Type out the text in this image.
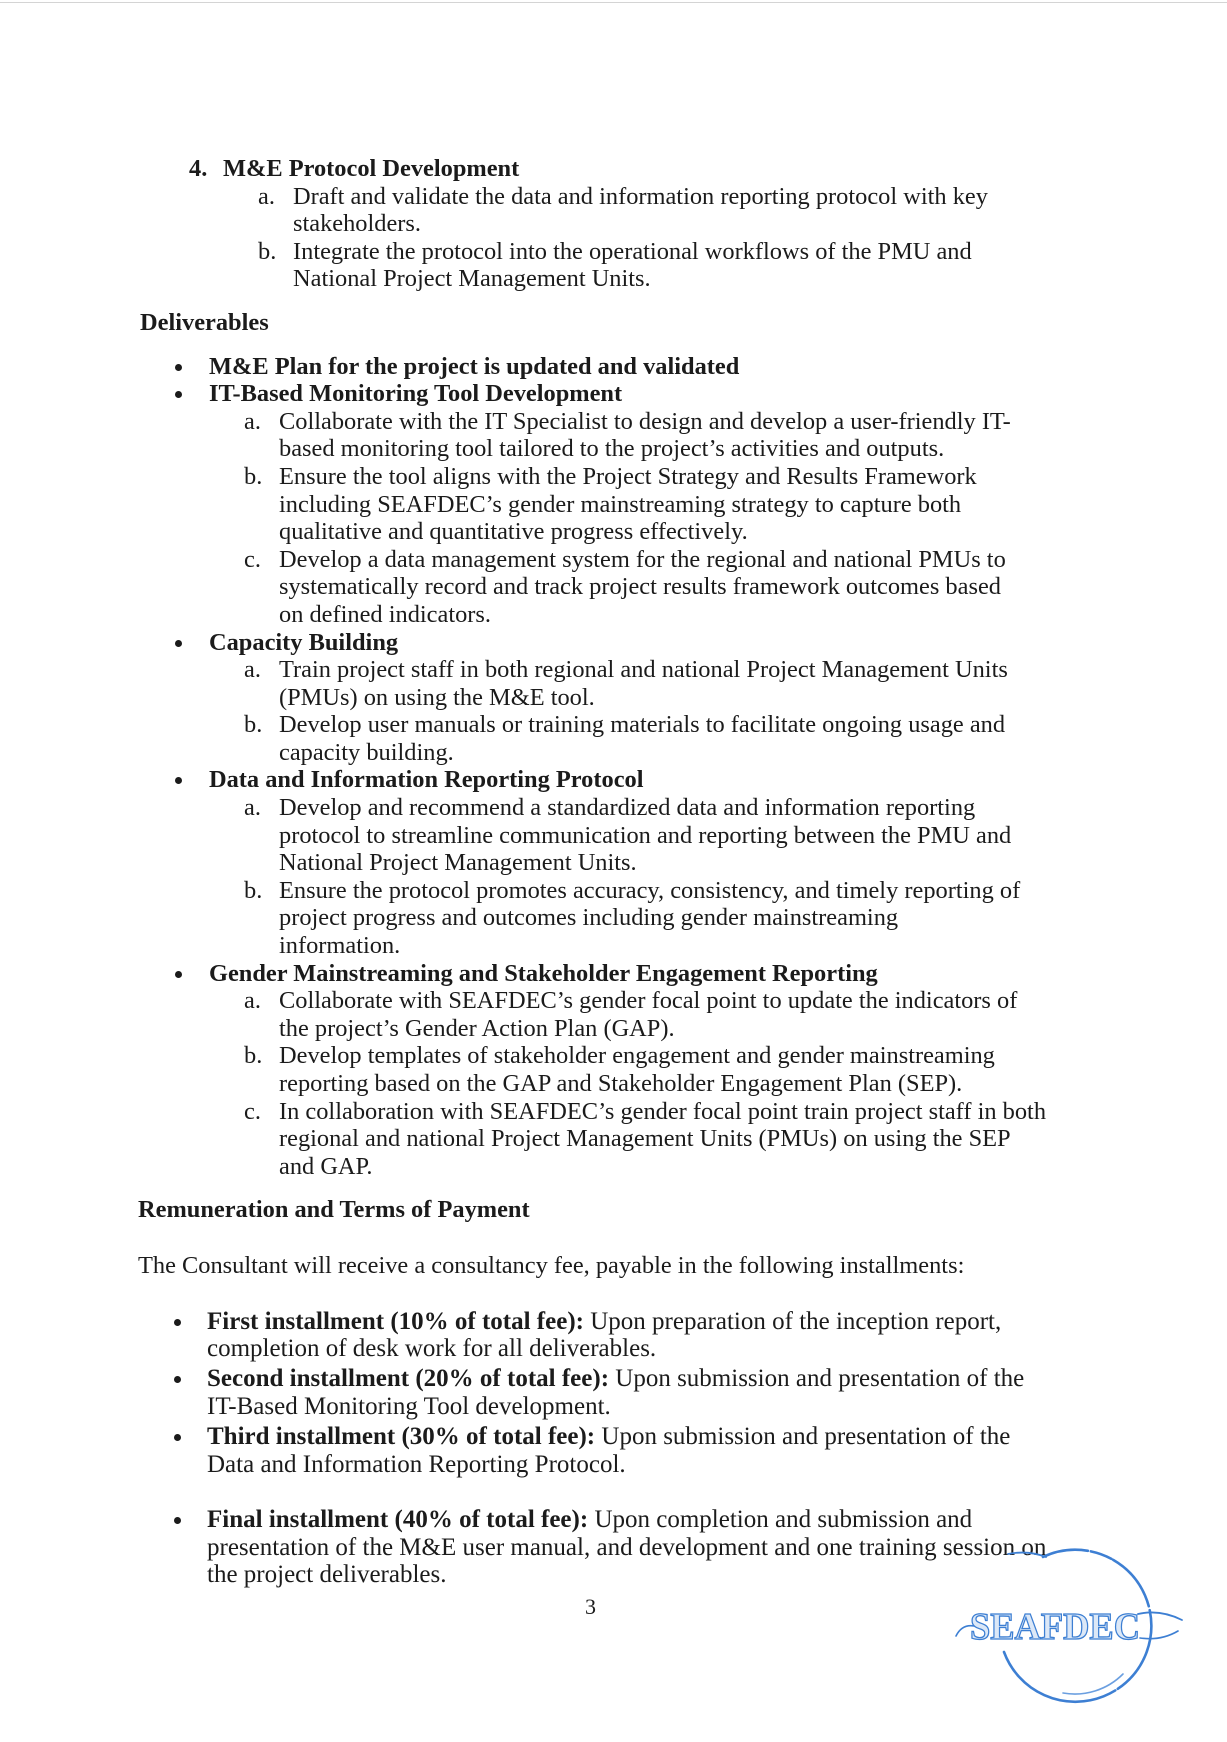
4. M&E Protocol Development
a. Draft and validate the data and information reporting protocol with key
stakeholders.
b. Integrate the protocol into the operational workflows of the PMU and
National Project Management Units.
Deliverables
M&E Plan for the project is updated and validated
IT-Based Monitoring Tool Development
a. Collaborate with the IT Specialist to design and develop a user-friendly IT-
based monitoring tool tailored to the project’s activities and outputs.
b. Ensure the tool aligns with the Project Strategy and Results Framework
including SEAFDEC’s gender mainstreaming strategy to capture both
qualitative and quantitative progress effectively.
c. Develop a data management system for the regional and national PMUs to
systematically record and track project results framework outcomes based
on defined indicators.
Capacity Building
a. Train project staff in both regional and national Project Management Units
(PMUs) on using the M&E tool.
b. Develop user manuals or training materials to facilitate ongoing usage and
capacity building.
Data and Information Reporting Protocol
a. Develop and recommend a standardized data and information reporting
protocol to streamline communication and reporting between the PMU and
National Project Management Units.
b. Ensure the protocol promotes accuracy, consistency, and timely reporting of
project progress and outcomes including gender mainstreaming
information.
Gender Mainstreaming and Stakeholder Engagement Reporting
a. Collaborate with SEAFDEC’s gender focal point to update the indicators of
the project’s Gender Action Plan (GAP).
b. Develop templates of stakeholder engagement and gender mainstreaming
reporting based on the GAP and Stakeholder Engagement Plan (SEP).
c. In collaboration with SEAFDEC’s gender focal point train project staff in both
regional and national Project Management Units (PMUs) on using the SEP
and GAP.
Remuneration and Terms of Payment
The Consultant will receive a consultancy fee, payable in the following installments:
First installment (10% of total fee): Upon preparation of the inception report,
completion of desk work for all deliverables.
Second installment (20% of total fee): Upon submission and presentation of the
IT-Based Monitoring Tool development.
Third installment (30% of total fee): Upon submission and presentation of the
Data and Information Reporting Protocol.
Final installment (40% of total fee): Upon completion and submission and
presentation of the M&E user manual, and development and one training session on
the project deliverables.
3	SEAFDEC
